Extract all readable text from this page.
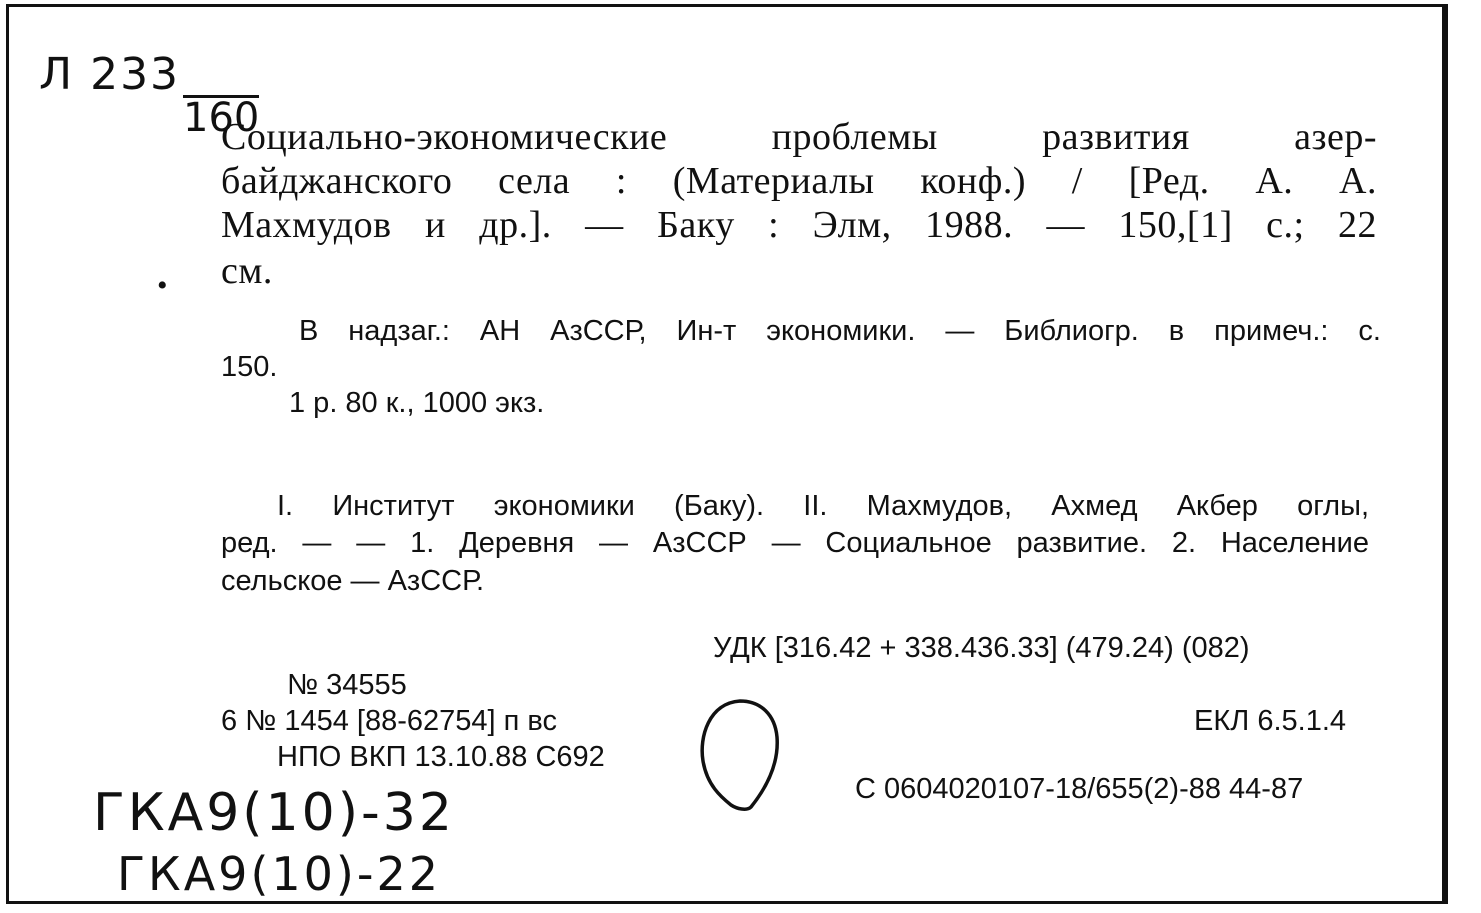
Л 233
160
Социально-экономические проблемы развития азер-
байджанского села : (Материалы конф.) / [Ред. А. А.
Махмудов и др.]. — Баку : Элм, 1988. — 150,[1] с.; 22
см.
•
В надзаг.: АН АзССР, Ин-т экономики. — Библиогр. в примеч.: с.
150.
1 р. 80 к., 1000 экз.
I. Институт экономики (Баку). II. Махмудов, Ахмед Акбер оглы,
ред. — — 1. Деревня — АзССР — Социальное развитие. 2. Население
сельское — АзССР.
УДК [316.42 + 338.436.33] (479.24) (082)
№ 34555
6 № 1454 [88-62754] п вс
НПО ВКП 13.10.88 С692
ЕКЛ 6.5.1.4
С 0604020107-18/655(2)-88 44-87
ГКА9(10)-32
ГКА9(10)-22
